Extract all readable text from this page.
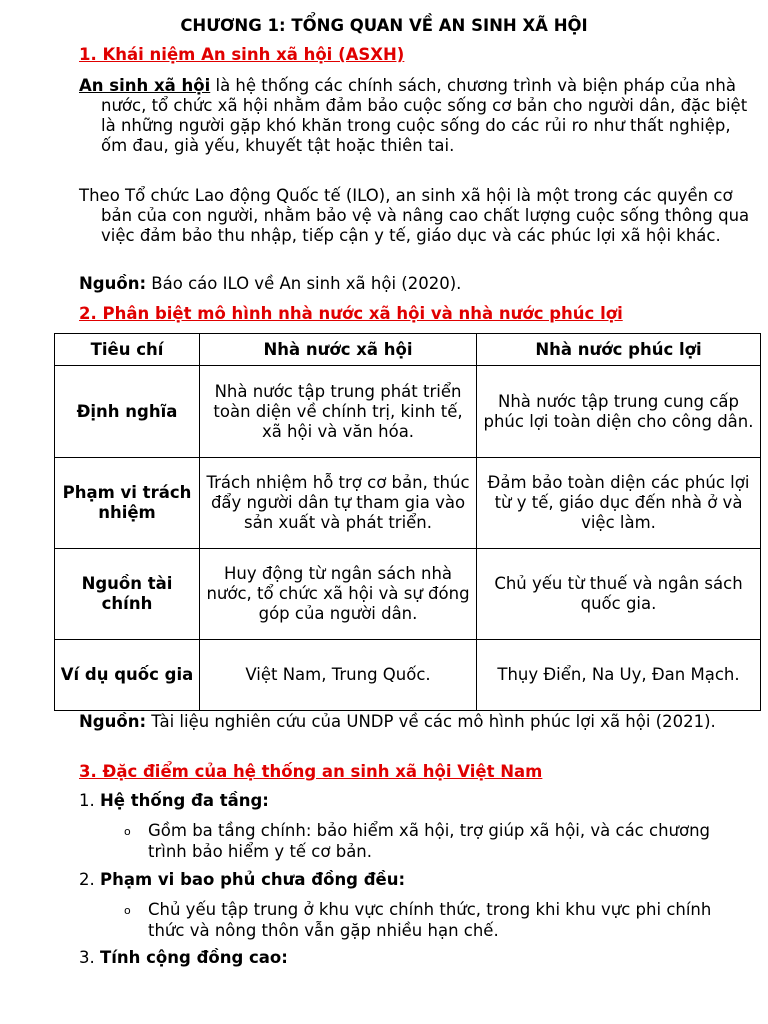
CHƯƠNG 1: TỔNG QUAN VỀ AN SINH XÃ HỘI
1. Khái niệm An sinh xã hội (ASXH)
An sinh xã hội là hệ thống các chính sách, chương trình và biện pháp của nhà nước, tổ chức xã hội nhằm đảm bảo cuộc sống cơ bản cho người dân, đặc biệt là những người gặp khó khăn trong cuộc sống do các rủi ro như thất nghiệp, ốm đau, già yếu, khuyết tật hoặc thiên tai.
Theo Tổ chức Lao động Quốc tế (ILO), an sinh xã hội là một trong các quyền cơ bản của con người, nhằm bảo vệ và nâng cao chất lượng cuộc sống thông qua việc đảm bảo thu nhập, tiếp cận y tế, giáo dục và các phúc lợi xã hội khác.
Nguồn: Báo cáo ILO về An sinh xã hội (2020).
2. Phân biệt mô hình nhà nước xã hội và nhà nước phúc lợi
Tiêu chí	Nhà nước xã hội	Nhà nước phúc lợi
Định nghĩa	Nhà nước tập trung phát triển toàn diện về chính trị, kinh tế, xã hội và văn hóa.	Nhà nước tập trung cung cấp phúc lợi toàn diện cho công dân.
Phạm vi trách nhiệm	Trách nhiệm hỗ trợ cơ bản, thúc đẩy người dân tự tham gia vào sản xuất và phát triển.	Đảm bảo toàn diện các phúc lợi từ y tế, giáo dục đến nhà ở và việc làm.
Nguồn tài chính	Huy động từ ngân sách nhà nước, tổ chức xã hội và sự đóng góp của người dân.	Chủ yếu từ thuế và ngân sách quốc gia.
Ví dụ quốc gia	Việt Nam, Trung Quốc.	Thụy Điển, Na Uy, Đan Mạch.
Nguồn: Tài liệu nghiên cứu của UNDP về các mô hình phúc lợi xã hội (2021).
3. Đặc điểm của hệ thống an sinh xã hội Việt Nam
1. Hệ thống đa tầng:
o Gồm ba tầng chính: bảo hiểm xã hội, trợ giúp xã hội, và các chương trình bảo hiểm y tế cơ bản.
2. Phạm vi bao phủ chưa đồng đều:
o Chủ yếu tập trung ở khu vực chính thức, trong khi khu vực phi chính thức và nông thôn vẫn gặp nhiều hạn chế.
3. Tính cộng đồng cao:
